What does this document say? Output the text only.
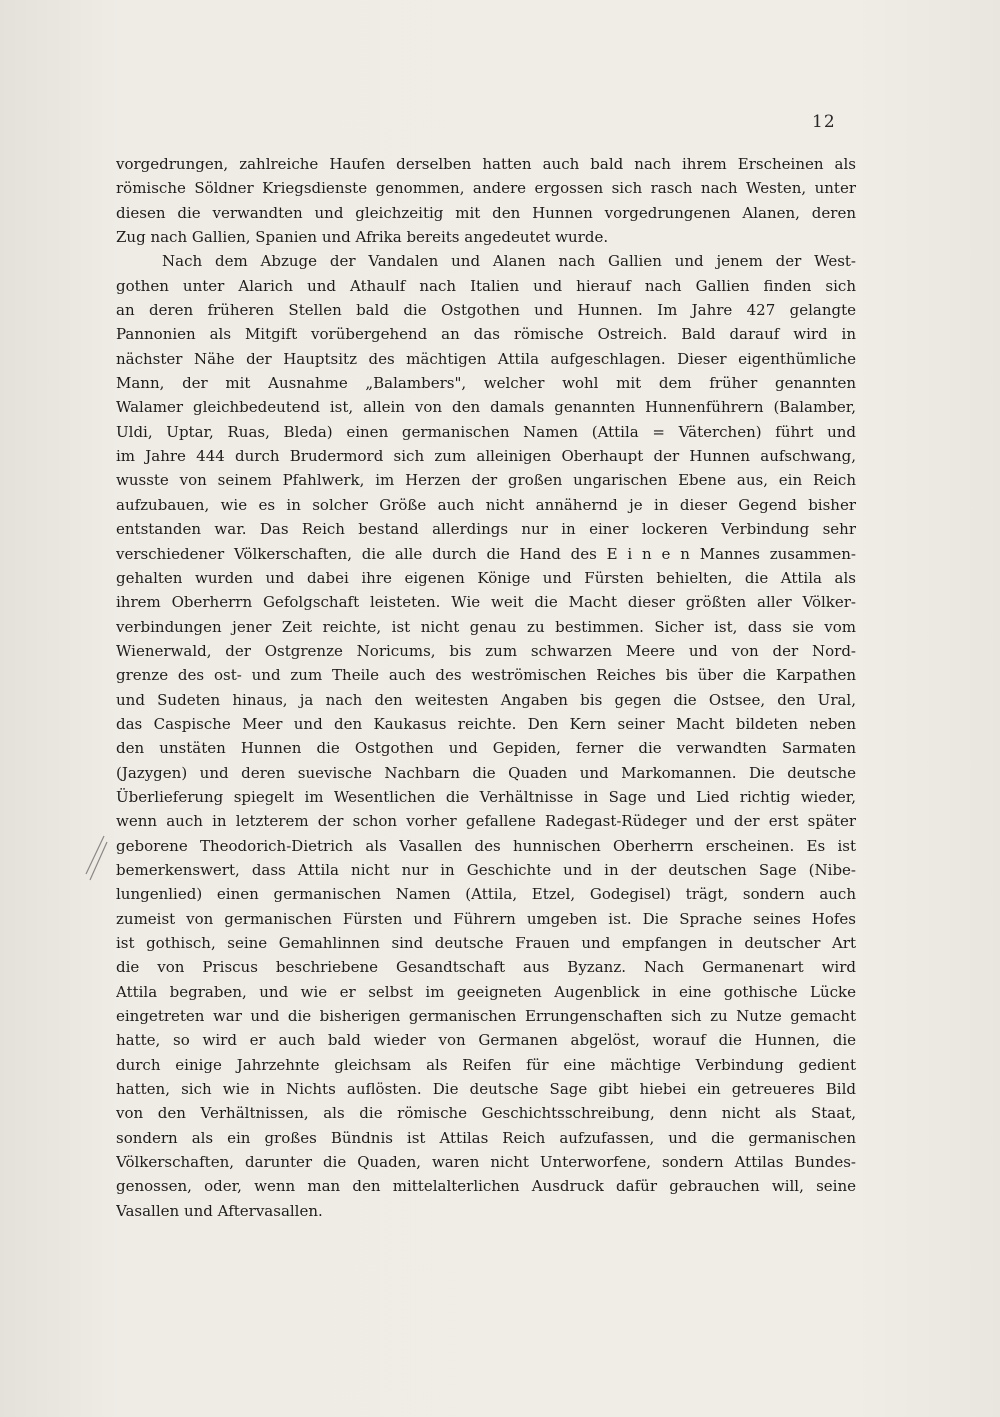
12
vorgedrungen, zahlreiche Haufen derselben hatten auch bald nach ihrem Erscheinen als
römische Söldner Kriegsdienste genommen, andere ergossen sich rasch nach Westen, unter
diesen die verwandten und gleichzeitig mit den Hunnen vorgedrungenen Alanen, deren
Zug nach Gallien, Spanien und Afrika bereits angedeutet wurde.
Nach dem Abzuge der Vandalen und Alanen nach Gallien und jenem der West-
gothen unter Alarich und Athaulf nach Italien und hierauf nach Gallien finden sich
an deren früheren Stellen bald die Ostgothen und Hunnen. Im Jahre 427 gelangte
Pannonien als Mitgift vorübergehend an das römische Ostreich. Bald darauf wird in
nächster Nähe der Hauptsitz des mächtigen Attila aufgeschlagen. Dieser eigenthümliche
Mann, der mit Ausnahme „Balambers", welcher wohl mit dem früher genannten
Walamer gleichbedeutend ist, allein von den damals genannten Hunnenführern (Balamber,
Uldi, Uptar, Ruas, Bleda) einen germanischen Namen (Attila = Väterchen) führt und
im Jahre 444 durch Brudermord sich zum alleinigen Oberhaupt der Hunnen aufschwang,
wusste von seinem Pfahlwerk, im Herzen der großen ungarischen Ebene aus, ein Reich
aufzubauen, wie es in solcher Größe auch nicht annähernd je in dieser Gegend bisher
entstanden war. Das Reich bestand allerdings nur in einer lockeren Verbindung sehr
verschiedener Völkerschaften, die alle durch die Hand des E i n e n Mannes zusammen-
gehalten wurden und dabei ihre eigenen Könige und Fürsten behielten, die Attila als
ihrem Oberherrn Gefolgschaft leisteten. Wie weit die Macht dieser größten aller Völker-
verbindungen jener Zeit reichte, ist nicht genau zu bestimmen. Sicher ist, dass sie vom
Wienerwald, der Ostgrenze Noricums, bis zum schwarzen Meere und von der Nord-
grenze des ost- und zum Theile auch des weströmischen Reiches bis über die Karpathen
und Sudeten hinaus, ja nach den weitesten Angaben bis gegen die Ostsee, den Ural,
das Caspische Meer und den Kaukasus reichte. Den Kern seiner Macht bildeten neben
den unstäten Hunnen die Ostgothen und Gepiden, ferner die verwandten Sarmaten
(Jazygen) und deren suevische Nachbarn die Quaden und Markomannen. Die deutsche
Überlieferung spiegelt im Wesentlichen die Verhältnisse in Sage und Lied richtig wieder,
wenn auch in letzterem der schon vorher gefallene Radegast-Rüdeger und der erst später
geborene Theodorich-Dietrich als Vasallen des hunnischen Oberherrn erscheinen. Es ist
bemerkenswert, dass Attila nicht nur in Geschichte und in der deutschen Sage (Nibe-
lungenlied) einen germanischen Namen (Attila, Etzel, Godegisel) trägt, sondern auch
zumeist von germanischen Fürsten und Führern umgeben ist. Die Sprache seines Hofes
ist gothisch, seine Gemahlinnen sind deutsche Frauen und empfangen in deutscher Art
die von Priscus beschriebene Gesandtschaft aus Byzanz. Nach Germanenart wird
Attila begraben, und wie er selbst im geeigneten Augenblick in eine gothische Lücke
eingetreten war und die bisherigen germanischen Errungenschaften sich zu Nutze gemacht
hatte, so wird er auch bald wieder von Germanen abgelöst, worauf die Hunnen, die
durch einige Jahrzehnte gleichsam als Reifen für eine mächtige Verbindung gedient
hatten, sich wie in Nichts auflösten. Die deutsche Sage gibt hiebei ein getreueres Bild
von den Verhältnissen, als die römische Geschichtsschreibung, denn nicht als Staat,
sondern als ein großes Bündnis ist Attilas Reich aufzufassen, und die germanischen
Völkerschaften, darunter die Quaden, waren nicht Unterworfene, sondern Attilas Bundes-
genossen, oder, wenn man den mittelalterlichen Ausdruck dafür gebrauchen will, seine
Vasallen und Aftervasallen.
